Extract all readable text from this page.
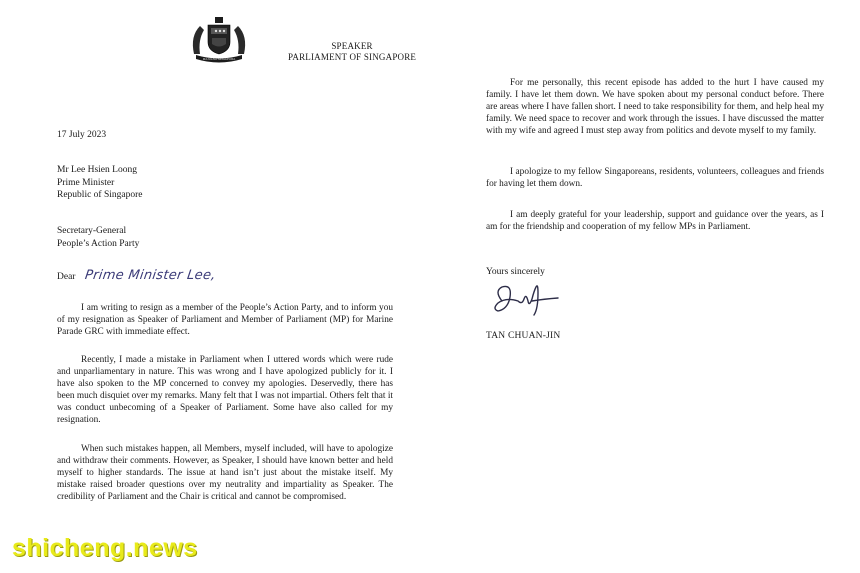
MAJULAH SINGAPURA
SPEAKER
PARLIAMENT OF SINGAPORE
17 July 2023
Mr Lee Hsien Loong
Prime Minister
Republic of Singapore
Secretary-General
People’s Action Party
Dear Prime Minister Lee,

I am writing to resign as a member of the People’s Action Party, and to inform you of my resignation as Speaker of Parliament and Member of Parliament (MP) for Marine Parade GRC with immediate effect.

Recently, I made a mistake in Parliament when I uttered words which were rude and unparliamentary in nature. This was wrong and I have apologized publicly for it. I have also spoken to the MP concerned to convey my apologies. Deservedly, there has been much disquiet over my remarks. Many felt that I was not impartial. Others felt that it was conduct unbecoming of a Speaker of Parliament. Some have also called for my resignation.

When such mistakes happen, all Members, myself included, will have to apologize and withdraw their comments. However, as Speaker, I should have known better and held myself to higher standards. The issue at hand isn’t just about the mistake itself. My mistake raised broader questions over my neutrality and impartiality as Speaker. The credibility of Parliament and the Chair is critical and cannot be compromised.

For me personally, this recent episode has added to the hurt I have caused my family. I have let them down. We have spoken about my personal conduct before. There are areas where I have fallen short. I need to take responsibility for them, and help heal my family. We need space to recover and work through the issues. I have discussed the matter with my wife and agreed I must step away from politics and devote myself to my family.

I apologize to my fellow Singaporeans, residents, volunteers, colleagues and friends for having let them down.

I am deeply grateful for your leadership, support and guidance over the years, as I am for the friendship and cooperation of my fellow MPs in Parliament.

Yours sincerely
TAN CHUAN-JIN
shicheng.news
